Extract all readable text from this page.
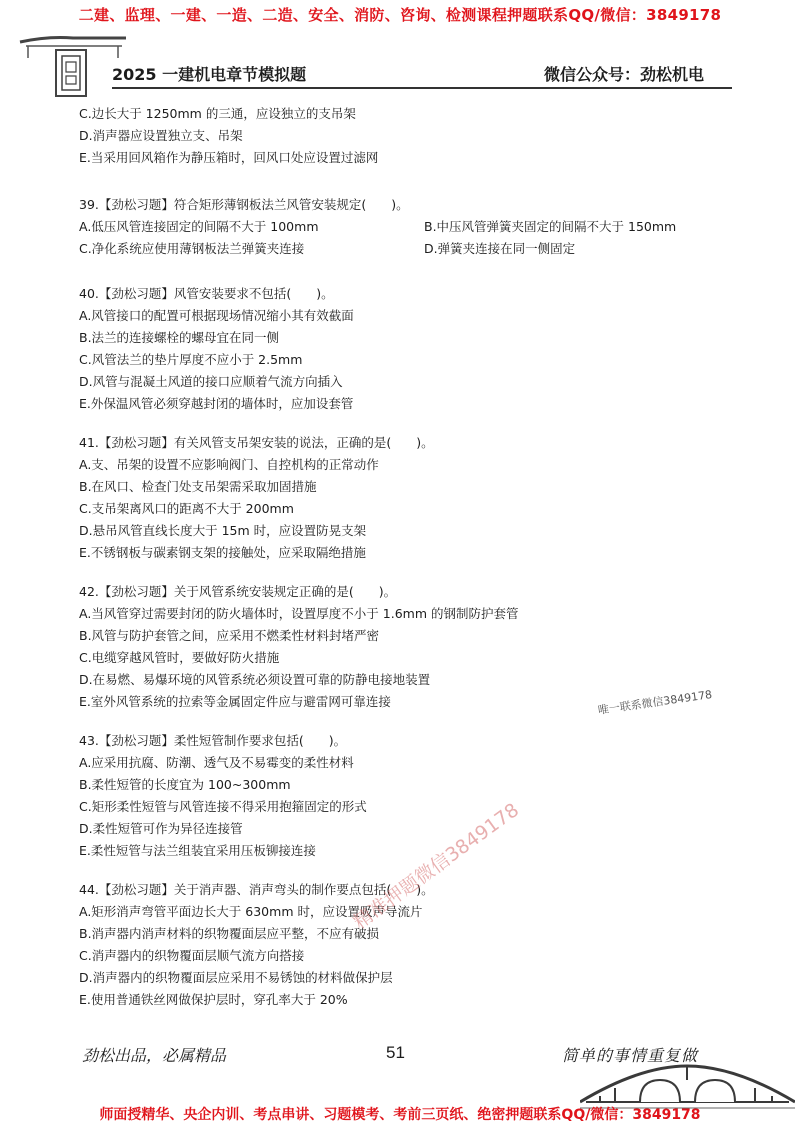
二建、监理、一建、一造、二造、安全、消防、咨询、检测课程押题联系QQ/微信：3849178
2025 一建机电章节模拟题	微信公众号：劲松机电
C.边长大于 1250mm 的三通，应设独立的支吊架
D.消声器应设置独立支、吊架
E.当采用回风箱作为静压箱时，回风口处应设置过滤网
39.【劲松习题】符合矩形薄钢板法兰风管安装规定(　　)。
A.低压风管连接固定的间隔不大于 100mm	B.中压风管弹簧夹固定的间隔不大于 150mm
C.净化系统应使用薄钢板法兰弹簧夹连接	D.弹簧夹连接在同一侧固定
40.【劲松习题】风管安装要求不包括(　　)。
A.风管接口的配置可根据现场情况缩小其有效截面
B.法兰的连接螺栓的螺母宜在同一侧
C.风管法兰的垫片厚度不应小于 2.5mm
D.风管与混凝土风道的接口应顺着气流方向插入
E.外保温风管必须穿越封闭的墙体时，应加设套管
41.【劲松习题】有关风管支吊架安装的说法，正确的是(　　)。
A.支、吊架的设置不应影响阀门、自控机构的正常动作
B.在风口、检查门处支吊架需采取加固措施
C.支吊架离风口的距离不大于 200mm
D.悬吊风管直线长度大于 15m 时，应设置防晃支架
E.不锈钢板与碳素钢支架的接触处，应采取隔绝措施
42.【劲松习题】关于风管系统安装规定正确的是(　　)。
A.当风管穿过需要封闭的防火墙体时，设置厚度不小于 1.6mm 的钢制防护套管
B.风管与防护套管之间，应采用不燃柔性材料封堵严密
C.电缆穿越风管时，要做好防火措施
D.在易燃、易爆环境的风管系统必须设置可靠的防静电接地装置
E.室外风管系统的拉索等金属固定件应与避雷网可靠连接
43.【劲松习题】柔性短管制作要求包括(　　)。
A.应采用抗腐、防潮、透气及不易霉变的柔性材料
B.柔性短管的长度宜为 100~300mm
C.矩形柔性短管与风管连接不得采用抱箍固定的形式
D.柔性短管可作为异径连接管
E.柔性短管与法兰组装宜采用压板铆接连接
44.【劲松习题】关于消声器、消声弯头的制作要点包括(　　)。
A.矩形消声弯管平面边长大于 630mm 时，应设置吸声导流片
B.消声器内消声材料的织物覆面层应平整，不应有破损
C.消声器内的织物覆面层顺气流方向搭接
D.消声器内的织物覆面层应采用不易锈蚀的材料做保护层
E.使用普通铁丝网做保护层时，穿孔率大于 20%
唯一联系微信3849178
精准押题微信3849178
劲松出品，必属精品	51	简单的事情重复做
师面授精华、央企内训、考点串讲、习题模考、考前三页纸、绝密押题联系QQ/微信：3849178
